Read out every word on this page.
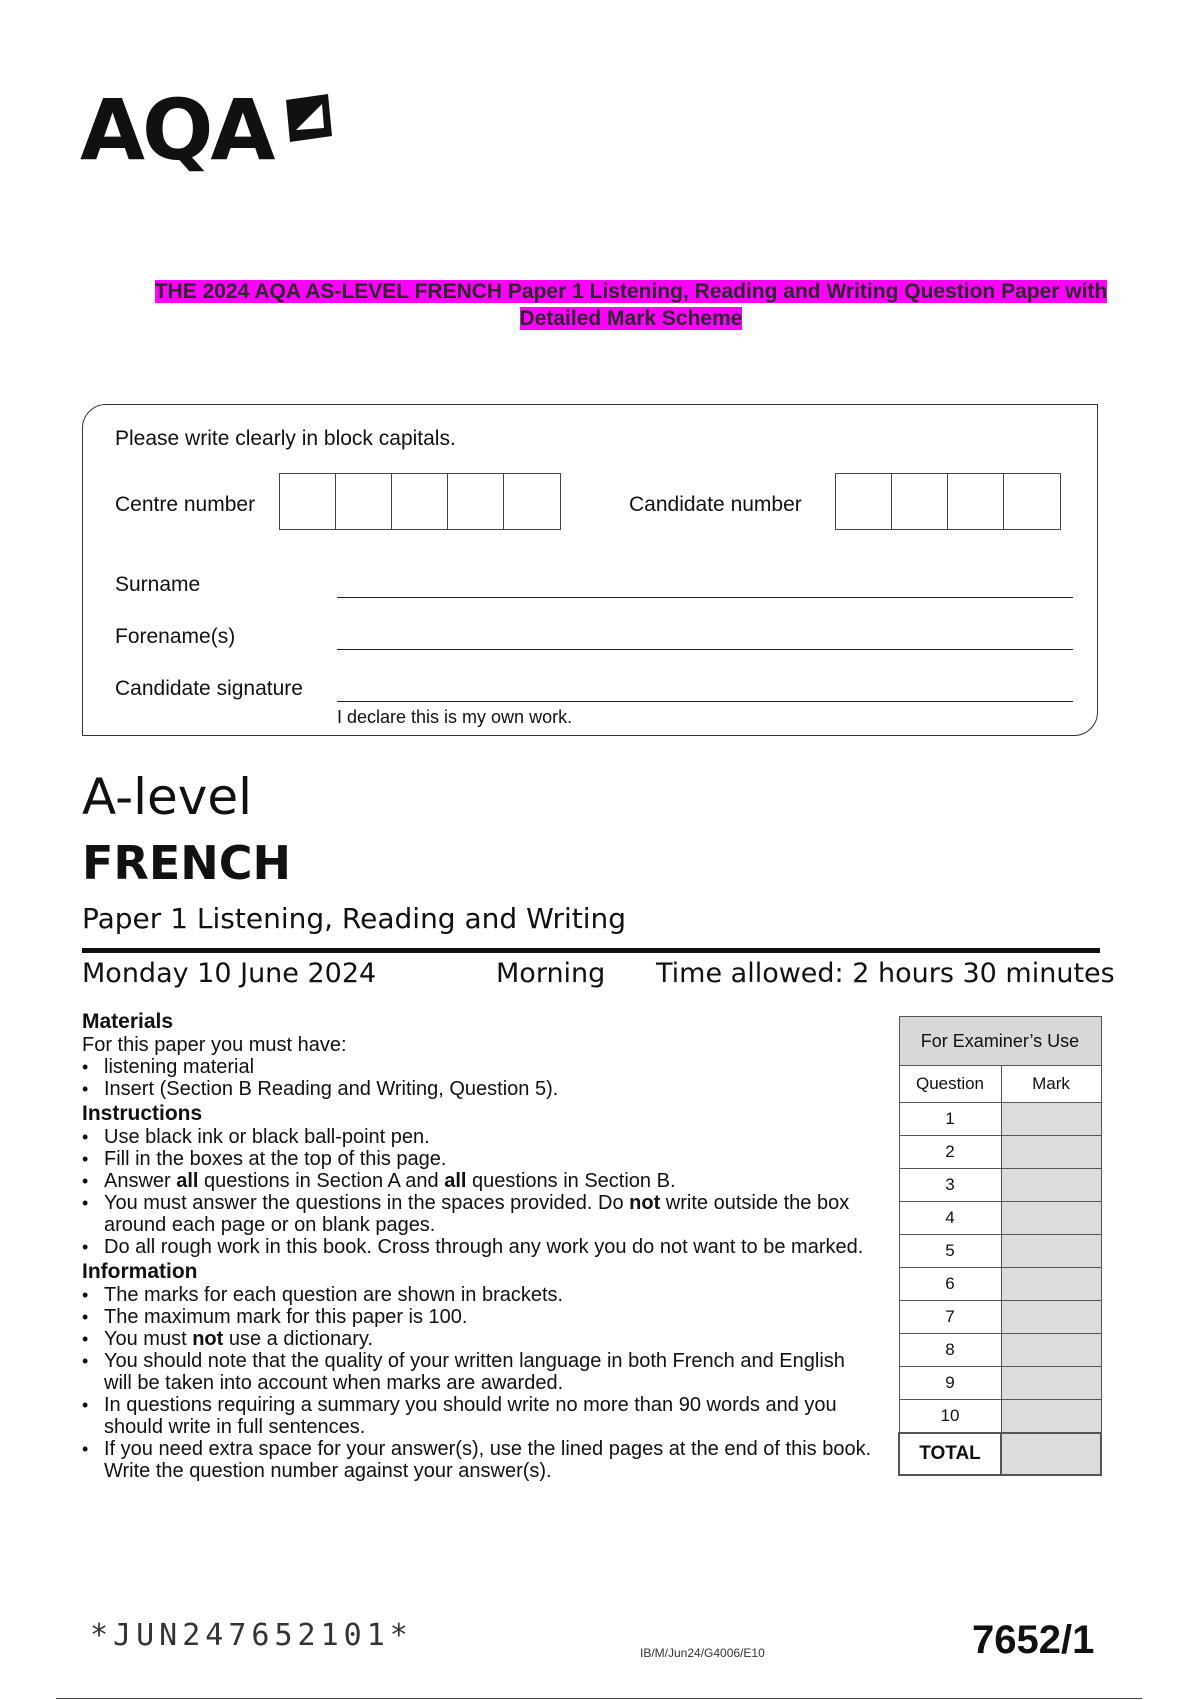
AQA
THE 2024 AQA AS-LEVEL FRENCH Paper 1 Listening, Reading and Writing Question Paper with
Detailed Mark Scheme
Please write clearly in block capitals.
Centre number	Candidate number
Surname
Forename(s)
Candidate signature
I declare this is my own work.
A-level
FRENCH
Paper 1 Listening, Reading and Writing
Monday 10 June 2024	Morning Time allowed: 2 hours 30 minutes
Materials

For this paper you must have:

• listening material
• Insert (Section B Reading and Writing, Question 5).
Instructions
• Use black ink or black ball-point pen.
• Fill in the boxes at the top of this page.
• Answer all questions in Section A and all questions in Section B.
• You must answer the questions in the spaces provided. Do not write outside the box around each page or on blank pages.
• Do all rough work in this book. Cross through any work you do not want to be marked.
Information
• The marks for each question are shown in brackets.
• The maximum mark for this paper is 100.
• You must not use a dictionary.
• You should note that the quality of your written language in both French and English will be taken into account when marks are awarded.
• In questions requiring a summary you should write no more than 90 words and you should write in full sentences.
• If you need extra space for your answer(s), use the lined pages at the end of this book. Write the question number against your answer(s).
For Examiner’s Use	
Question	Mark
1	
2	
3	
4	
5	
6	
7	
8	
9	
10	
TOTAL	
*JUN247652101*	IB/M/Jun24/G4006/E10	7652/1
